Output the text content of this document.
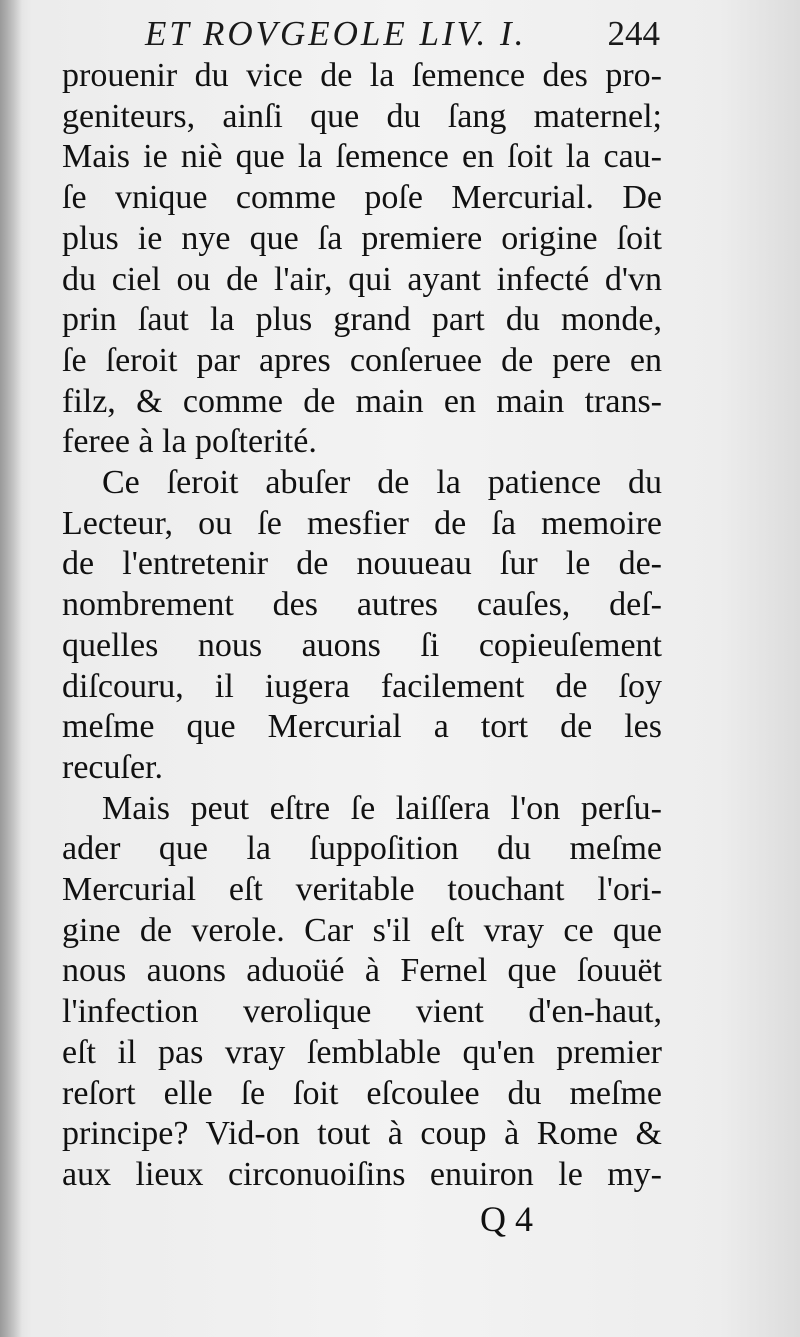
ET ROVGEOLE LIV. I. 244

prouenir du vice de la ſemence des pro-
geniteurs, ainſi que du ſang maternel;
Mais ie niè que la ſemence en ſoit la cau-
ſe vnique comme poſe Mercurial. De
plus ie nye que ſa premiere origine ſoit
du ciel ou de l'air, qui ayant infecté d'vn
prin ſaut la plus grand part du monde,
ſe ſeroit par apres conſeruee de pere en
filz, & comme de main en main trans-
feree à la poſterité.

Ce ſeroit abuſer de la patience du
Lecteur, ou ſe mesfier de ſa memoire
de l'entretenir de nouueau ſur le de-
nombrement des autres cauſes, deſ-
quelles nous auons ſi copieuſement
diſcouru, il iugera facilement de ſoy
meſme que Mercurial a tort de les
recuſer.

Mais peut eſtre ſe laiſſera l'on perſu-
ader que la ſuppoſition du meſme
Mercurial eſt veritable touchant l'ori-
gine de verole. Car s'il eſt vray ce que
nous auons aduoüé à Fernel que ſouuët
l'infection verolique vient d'en-haut,
eſt il pas vray ſemblable qu'en premier
reſort elle ſe ſoit eſcoulee du meſme
principe? Vid-on tout à coup à Rome &
aux lieux circonuoiſins enuiron le my-

Q 4
